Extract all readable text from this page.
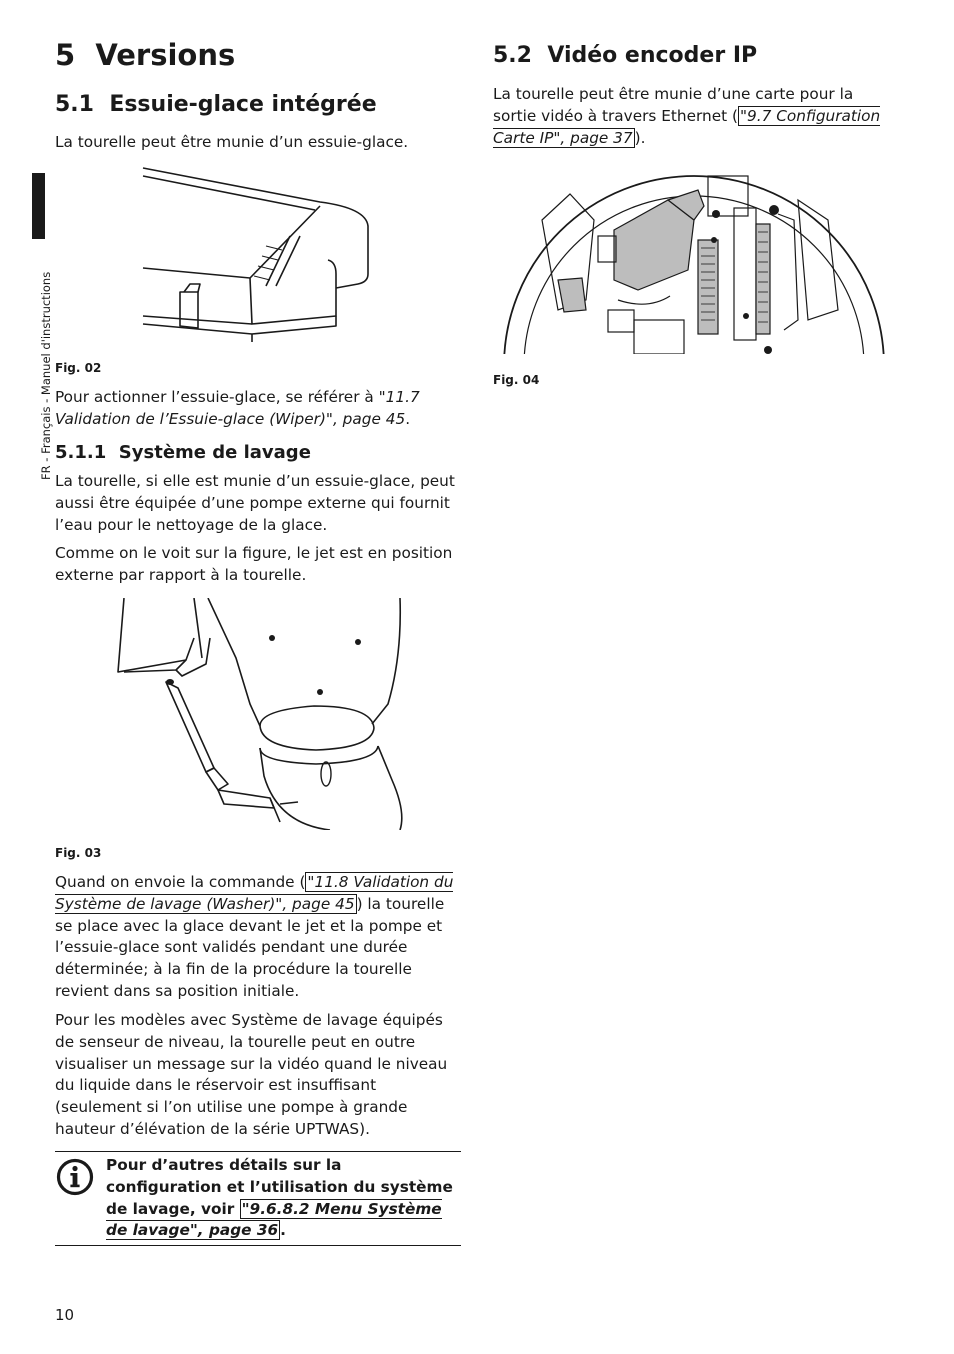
FR - Français - Manuel d'instructions
5 Versions
5.1 Essuie-glace intégrée

La tourelle peut être munie d’un essuie-glace.

Fig. 02

Pour actionner l’essuie-glace, se référer à "11.7 Validation de l’Essuie-glace (Wiper)", page 45.

5.1.1 Système de lavage

La tourelle, si elle est munie d’un essuie-glace, peut aussi être équipée d’une pompe externe qui fournit l’eau pour le nettoyage de la glace.

Comme on le voit sur la figure, le jet est en position externe par rapport à la tourelle.

Fig. 03

Quand on envoie la commande ( "11.8 Validation du Système de lavage (Washer)", page 45 ) la tourelle se place avec la glace devant le jet et la pompe et l’essuie-glace sont validés pendant une durée déterminée; à la fin de la procédure la tourelle revient dans sa position initiale.

Pour les modèles avec Système de lavage équipés de senseur de niveau, la tourelle peut en outre visualiser un message sur la vidéo quand le niveau du liquide dans le réservoir est insuffisant (seulement si l’on utilise une pompe à grande hauteur d’élévation de la série UPTWAS).

Pour d’autres détails sur la configuration et l’utilisation du système de lavage, voir "9.6.8.2 Menu Système de lavage", page 36 .
5.2 Vidéo encoder IP

La tourelle peut être munie d’une carte pour la sortie vidéo à travers Ethernet ( "9.7 Configuration Carte IP", page 37 ).

Fig. 04
10
